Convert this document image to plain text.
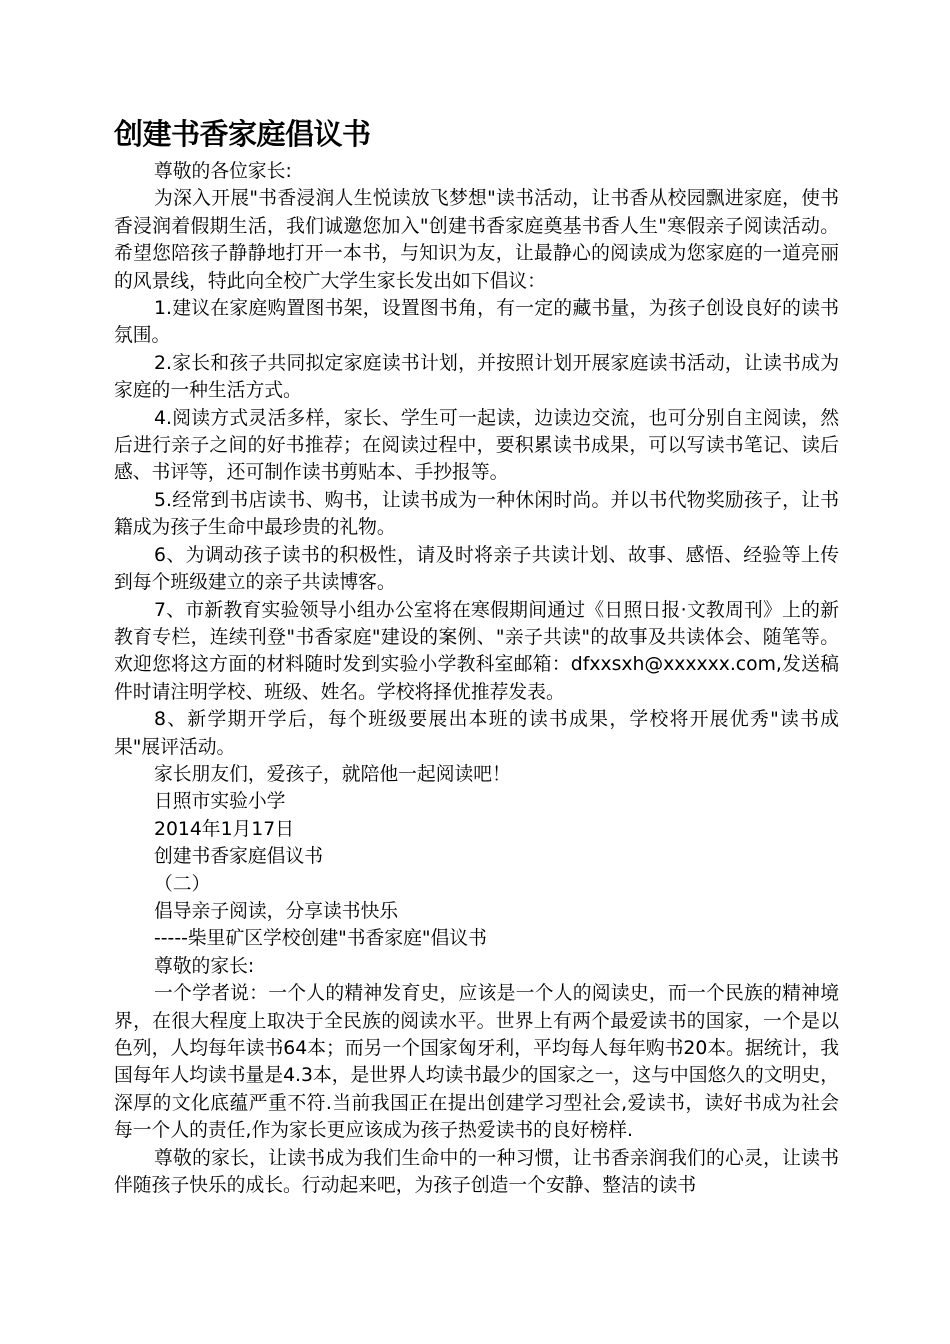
创建书香家庭倡议书

尊敬的各位家长:

为深入开展"书香浸润人生悦读放飞梦想"读书活动，让书香从校园飘进家庭，使书香浸润着假期生活，我们诚邀您加入"创建书香家庭奠基书香人生"寒假亲子阅读活动。希望您陪孩子静静地打开一本书，与知识为友，让最静心的阅读成为您家庭的一道亮丽的风景线，特此向全校广大学生家长发出如下倡议：

1.建议在家庭购置图书架，设置图书角，有一定的藏书量，为孩子创设良好的读书氛围。

2.家长和孩子共同拟定家庭读书计划，并按照计划开展家庭读书活动，让读书成为家庭的一种生活方式。

4.阅读方式灵活多样，家长、学生可一起读，边读边交流，也可分别自主阅读，然后进行亲子之间的好书推荐；在阅读过程中，要积累读书成果，可以写读书笔记、读后感、书评等，还可制作读书剪贴本、手抄报等。

5.经常到书店读书、购书，让读书成为一种休闲时尚。并以书代物奖励孩子，让书籍成为孩子生命中最珍贵的礼物。

6、为调动孩子读书的积极性，请及时将亲子共读计划、故事、感悟、经验等上传到每个班级建立的亲子共读博客。

7、市新教育实验领导小组办公室将在寒假期间通过《日照日报·文教周刊》上的新教育专栏，连续刊登"书香家庭"建设的案例、"亲子共读"的故事及共读体会、随笔等。欢迎您将这方面的材料随时发到实验小学教科室邮箱：dfxxsxh@xxxxxx.com,发送稿件时请注明学校、班级、姓名。学校将择优推荐发表。

8、新学期开学后，每个班级要展出本班的读书成果，学校将开展优秀"读书成果"展评活动。

家长朋友们，爱孩子，就陪他一起阅读吧！

日照市实验小学

2014年1月17日

创建书香家庭倡议书

（二）

倡导亲子阅读，分享读书快乐

-----柴里矿区学校创建"书香家庭"倡议书

尊敬的家长:

一个学者说：一个人的精神发育史，应该是一个人的阅读史，而一个民族的精神境界，在很大程度上取决于全民族的阅读水平。世界上有两个最爱读书的国家，一个是以色列，人均每年读书64本；而另一个国家匈牙利，平均每人每年购书20本。据统计，我国每年人均读书量是4.3本，是世界人均读书最少的国家之一，这与中国悠久的文明史，深厚的文化底蕴严重不符.当前我国正在提出创建学习型社会,爱读书，读好书成为社会每一个人的责任,作为家长更应该成为孩子热爱读书的良好榜样.

尊敬的家长，让读书成为我们生命中的一种习惯，让书香亲润我们的心灵，让读书伴随孩子快乐的成长。行动起来吧，为孩子创造一个安静、整洁的读书
